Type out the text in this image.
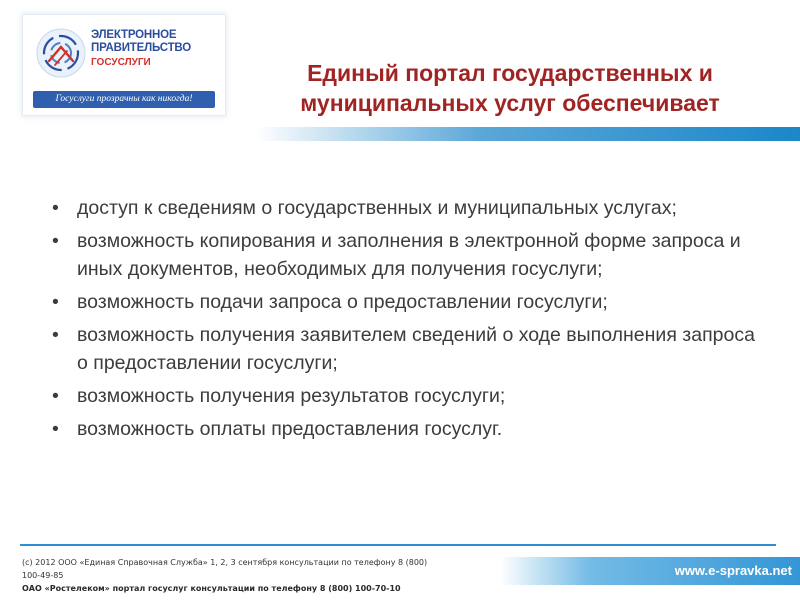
ЭЛЕКТРОННОЕ
ПРАВИТЕЛЬСТВО
ГОСУСЛУГИ
Госуслуги прозрачны как никогда!
Единый портал государственных и
муниципальных услуг обеспечивает
• доступ к сведениям о государственных и муниципальных услугах;
• возможность копирования и заполнения в электронной форме запроса и иных документов, необходимых для получения госуслуги;
• возможность подачи запроса о предоставлении госуслуги;
• возможность получения заявителем сведений о ходе выполнения запроса о предоставлении госуслуги;
• возможность получения результатов госуслуги;
• возможность оплаты предоставления госуслуг.
(с) 2012 ООО «Единая Справочная Служба» 1, 2, 3 сентября консультации по телефону 8 (800)
100-49-85
ОАО «Ростелеком» портал госуслуг консультации по телефону 8 (800) 100-70-10
www.e-spravka.net
